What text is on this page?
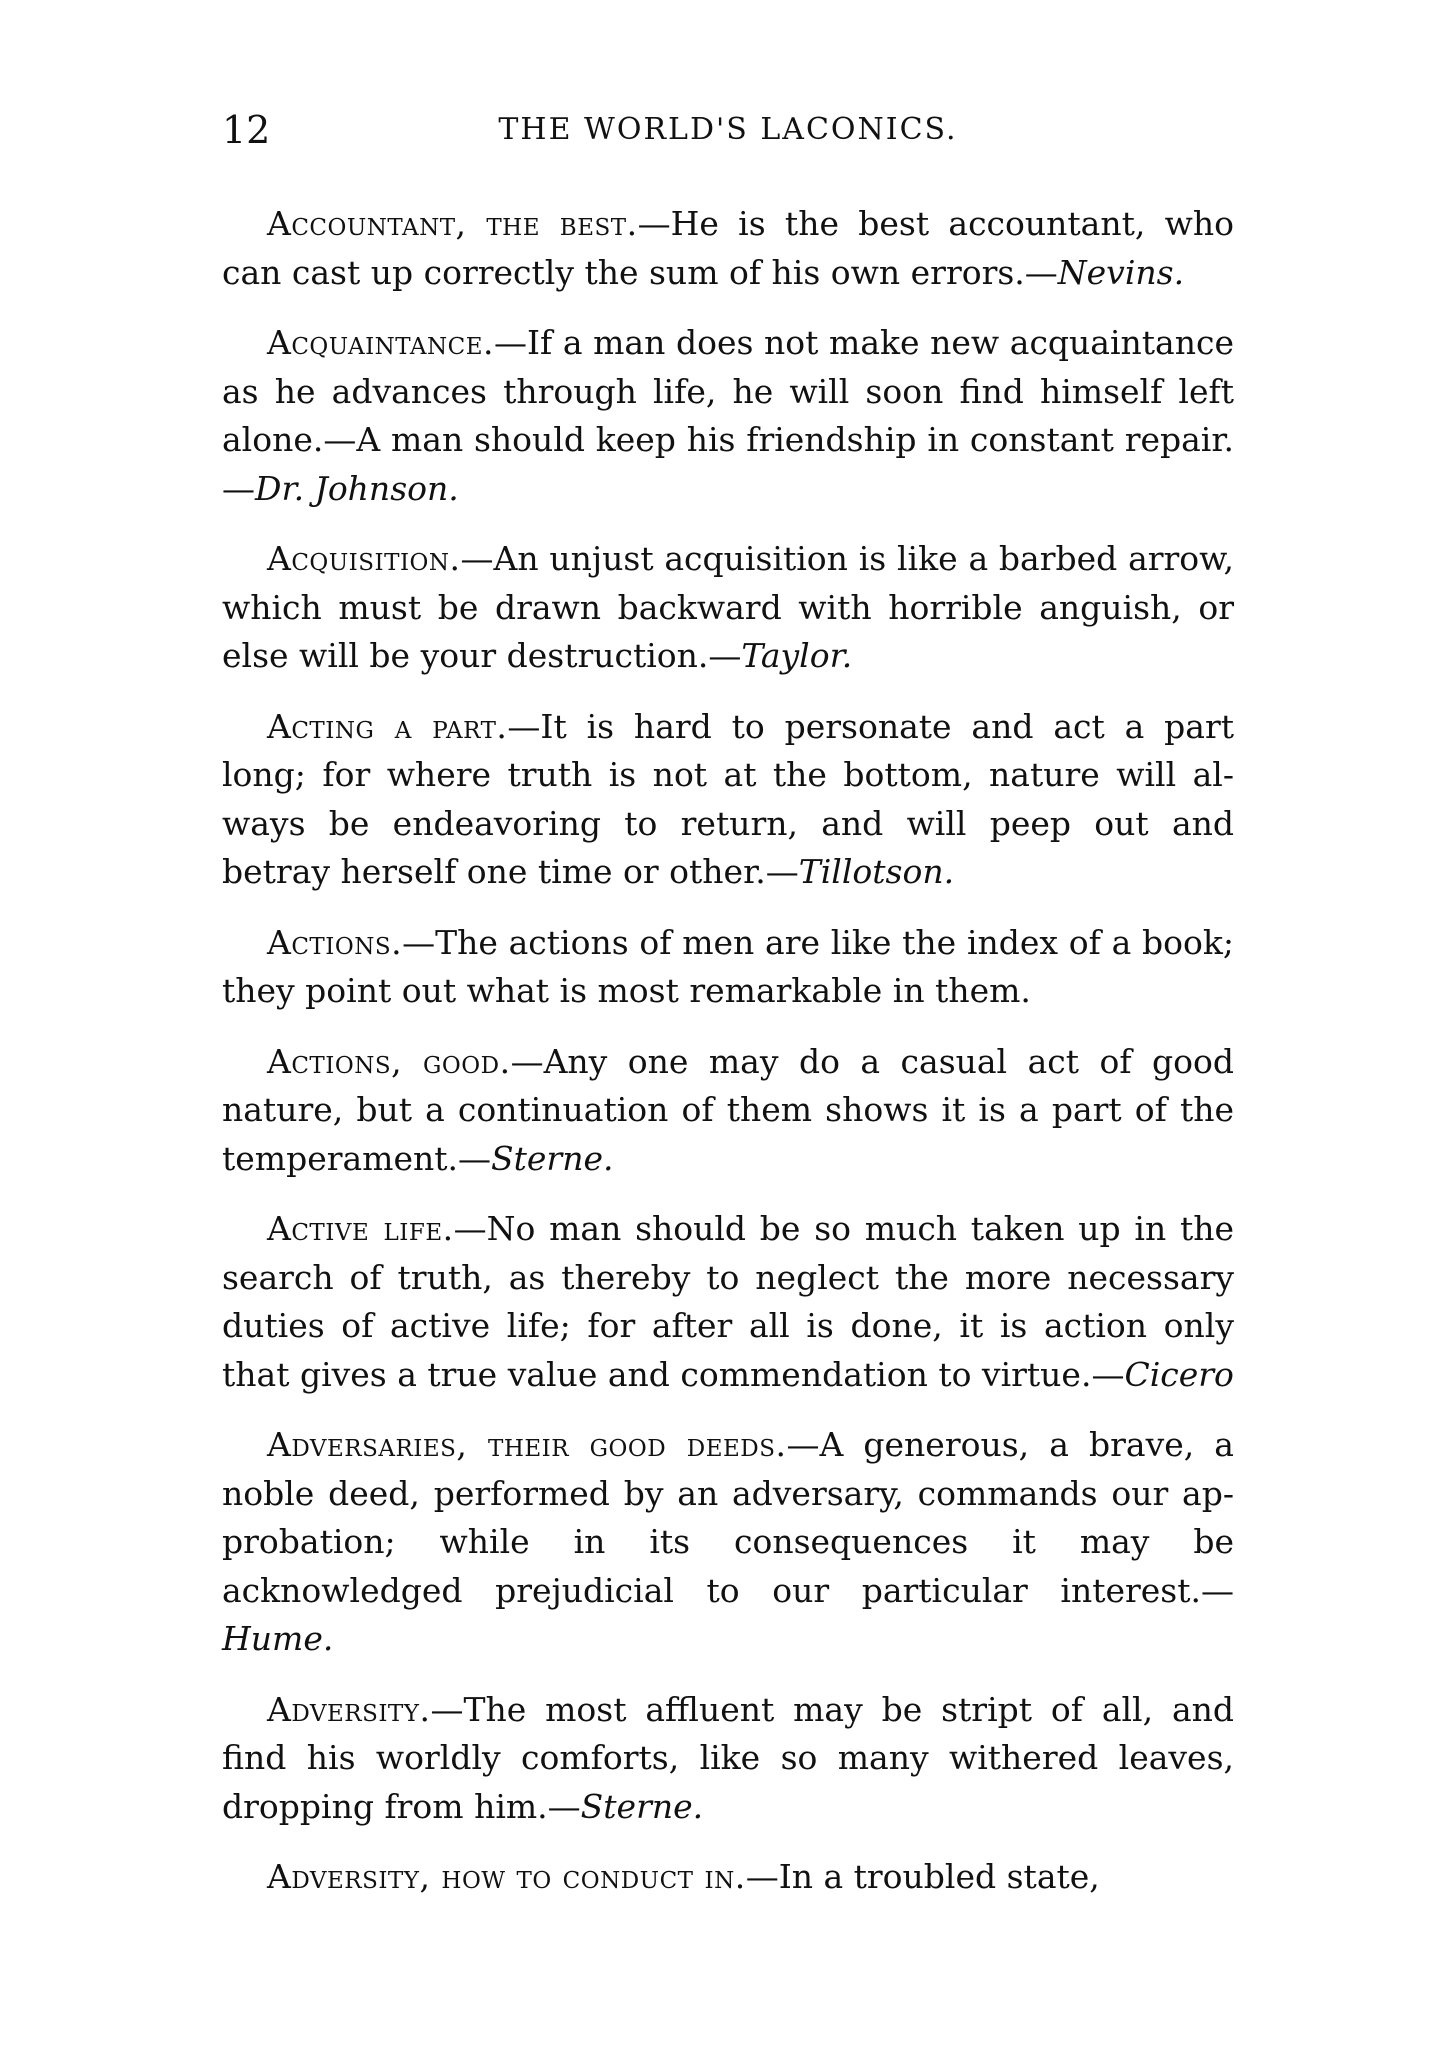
12	THE WORLD'S LACONICS.

Accountant, the best.—He is the best accountant, who can cast up correctly the sum of his own errors.—Nevins.

Acquaintance.—If a man does not make new acquaintance as he advances through life, he will soon find himself left alone.—A man should keep his friendship in constant repair.—Dr. Johnson.

Acquisition.—An unjust acquisition is like a barbed arrow, which must be drawn backward with horrible anguish, or else will be your destruction.—Taylor.

Acting a part.—It is hard to personate and act a part long; for where truth is not at the bottom, nature will always be endeavoring to return, and will peep out and betray herself one time or other.—Tillotson.

Actions.—The actions of men are like the index of a book; they point out what is most remarkable in them.

Actions, good.—Any one may do a casual act of good nature, but a continuation of them shows it is a part of the temperament.—Sterne.

Active life.—No man should be so much taken up in the search of truth, as thereby to neglect the more necessary duties of active life; for after all is done, it is action only that gives a true value and commendation to virtue.—Cicero

Adversaries, their good deeds.—A generous, a brave, a noble deed, performed by an adversary, commands our approbation; while in its consequences it may be acknowledged prejudicial to our particular interest.—Hume.

Adversity.—The most affluent may be stript of all, and find his worldly comforts, like so many withered leaves, dropping from him.—Sterne.

Adversity, how to conduct in.—In a troubled state,
